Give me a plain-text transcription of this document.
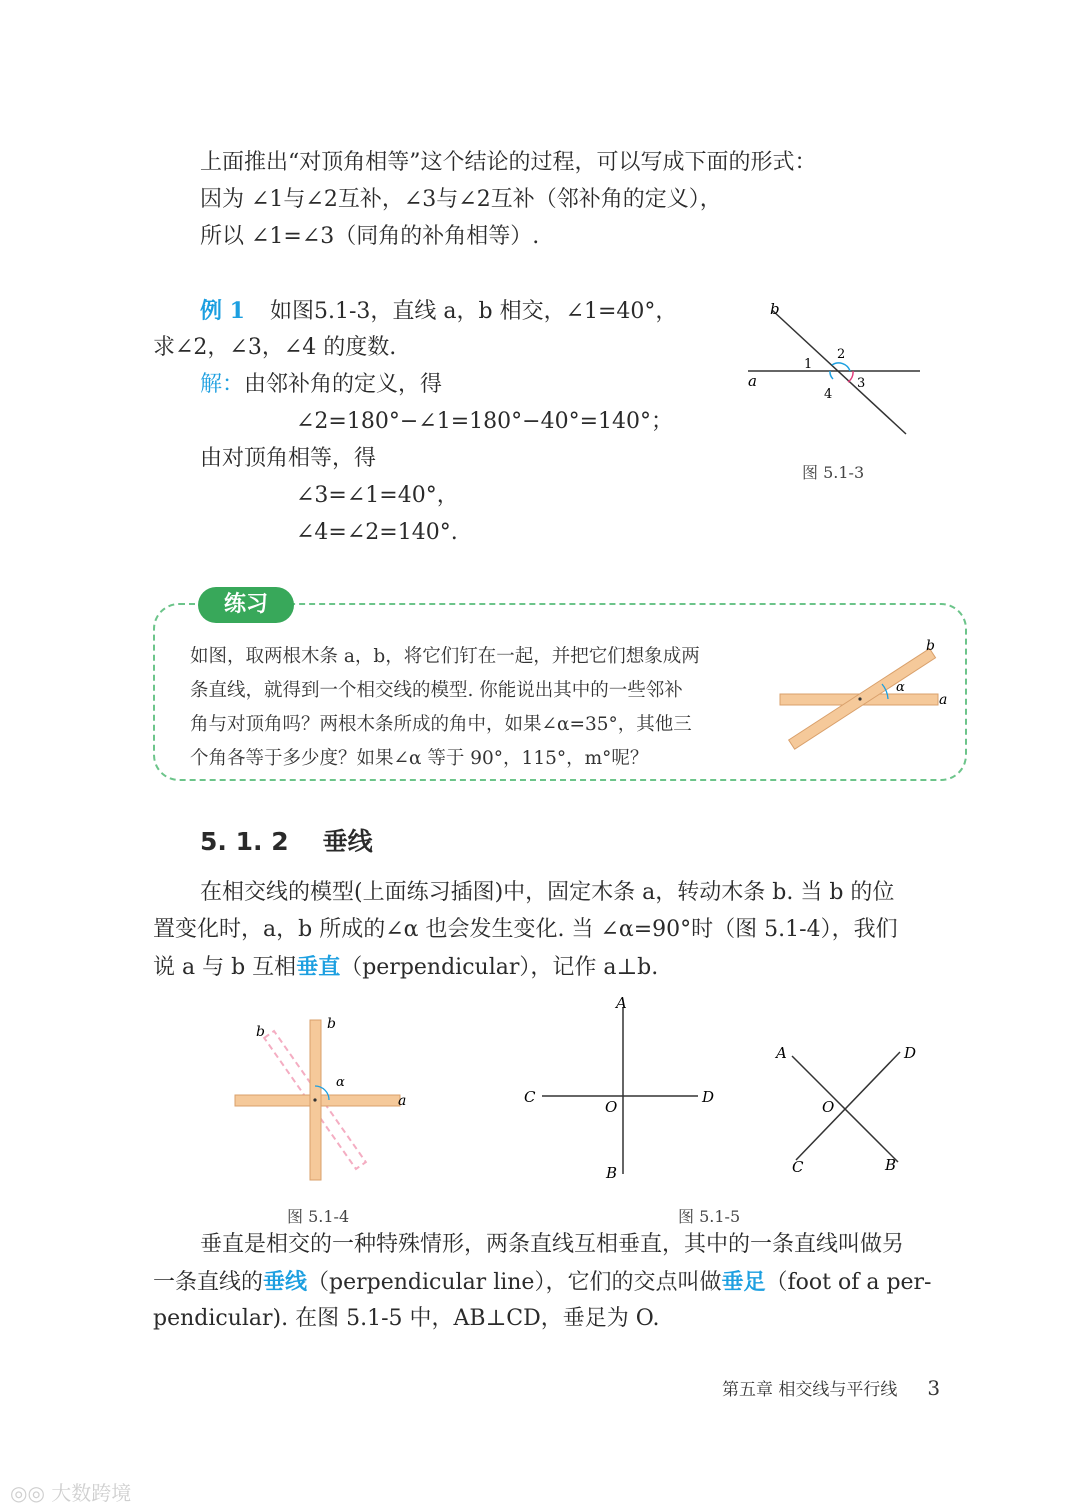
上面推出“对顶角相等”这个结论的过程，可以写成下面的形式：
因为 ∠1与∠2互补，∠3与∠2互补（邻补角的定义），
所以 ∠1=∠3（同角的补角相等）.
例 1 如图5.1-3，直线 a，b 相交，∠1=40°，
求∠2，∠3，∠4 的度数.
解：由邻补角的定义，得
∠2=180°−∠1=180°−40°=140°；
由对顶角相等，得
∠3=∠1=40°，
∠4=∠2=140°.
b
a
1
2
3
4
图 5.1-3
练习
如图，取两根木条 a，b，将它们钉在一起，并把它们想象成两
条直线，就得到一个相交线的模型. 你能说出其中的一些邻补
角与对顶角吗？两根木条所成的角中，如果∠α=35°，其他三
个角各等于多少度？如果∠α 等于 90°，115°，m°呢？
b
a
α
5. 1. 2 垂线
在相交线的模型(上面练习插图)中，固定木条 a，转动木条 b. 当 b 的位
置变化时，a，b 所成的∠α 也会发生变化. 当 ∠α=90°时（图 5.1-4），我们
说 a 与 b 互相垂直（perpendicular），记作 a⊥b.
b	b
a
α
图 5.1-4
A
B
C	D
O
A
B
C
D
O
图 5.1-5
垂直是相交的一种特殊情形，两条直线互相垂直，其中的一条直线叫做另
一条直线的垂线（perpendicular line），它们的交点叫做垂足（foot of a per-
pendicular). 在图 5.1-5 中，AB⊥CD，垂足为 O.
第五章 相交线与平行线 3
◎◎ 大数跨境
